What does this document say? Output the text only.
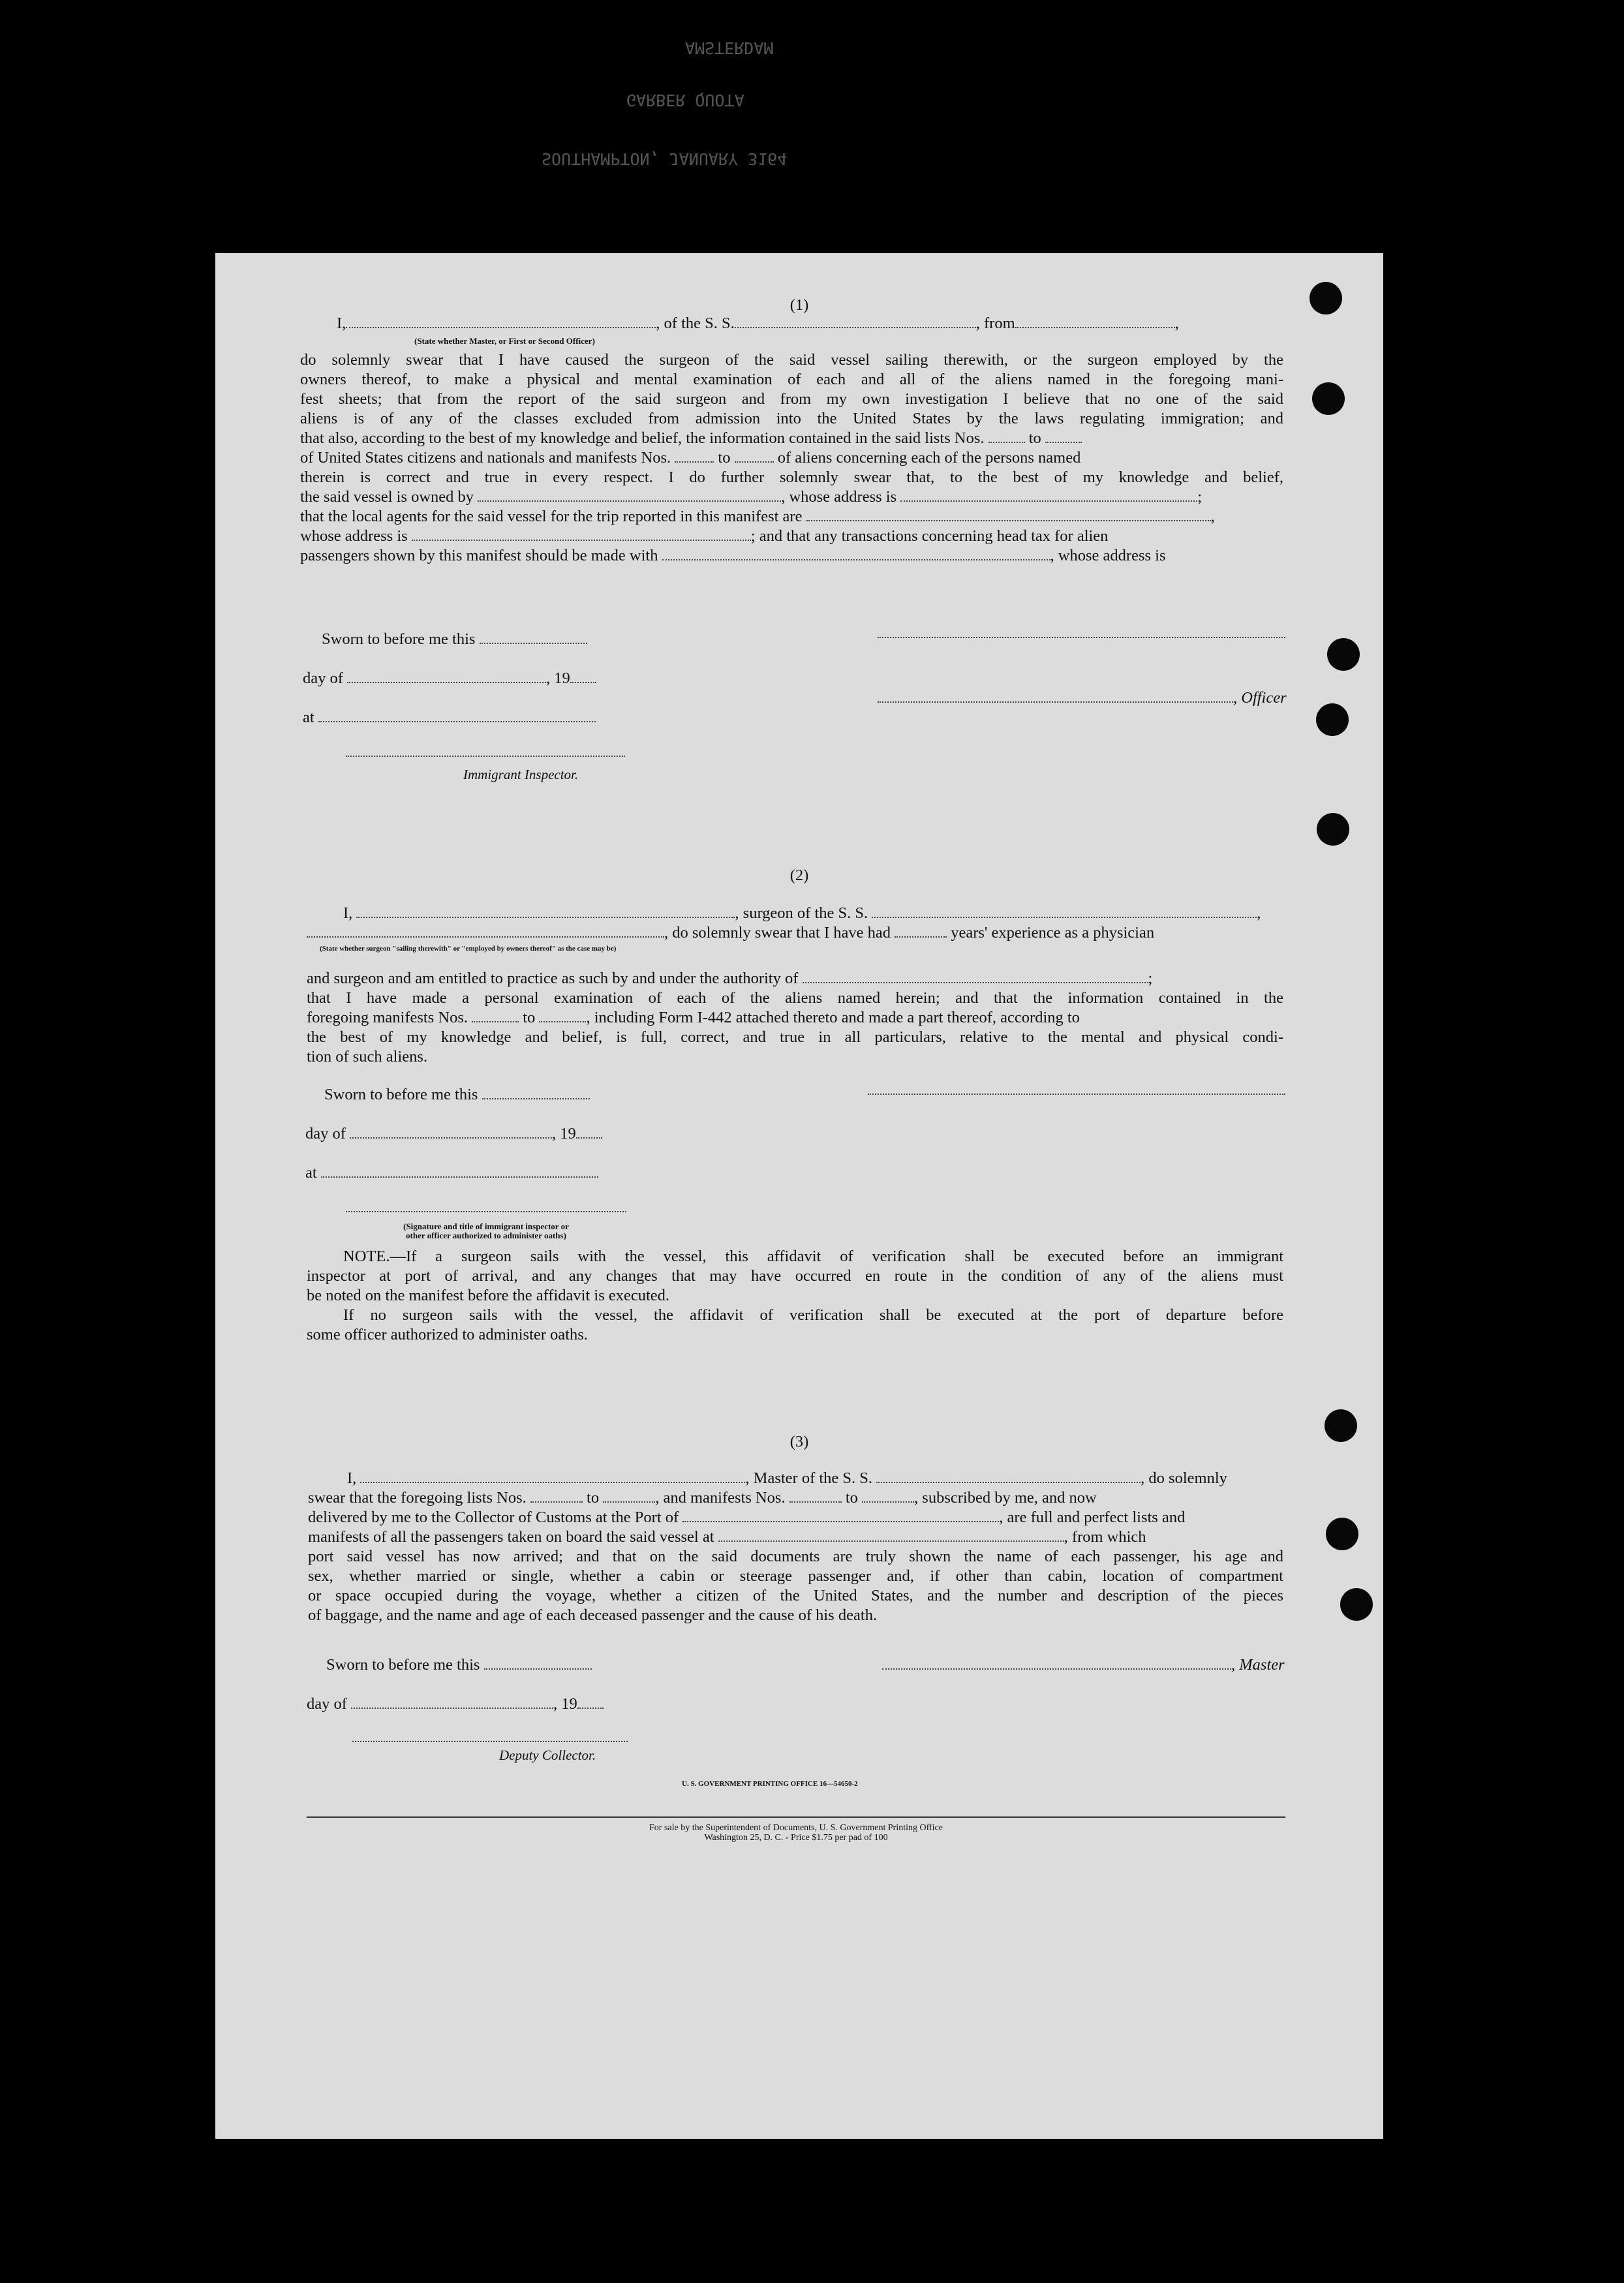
SOUTHAMPTON, JANUARY 3164
GARBER QUOTA
AMSTERDAM
(1)
I,	, of the S. S.	, from	,
(State whether Master, or First or Second Officer)
do solemnly swear that I have caused the surgeon of the said vessel sailing therewith, or the surgeon employed by the
owners thereof, to make a physical and mental examination of each and all of the aliens named in the foregoing mani-
fest sheets; that from the report of the said surgeon and from my own investigation I believe that no one of the said
aliens is of any of the classes excluded from admission into the United States by the laws regulating immigration; and
that also, according to the best of my knowledge and belief, the information contained in the said lists Nos.	to
of United States citizens and nationals and manifests Nos.	to	of aliens concerning each of the persons named
therein is correct and true in every respect. I do further solemnly swear that, to the best of my knowledge and belief,
the said vessel is owned by	, whose address is	;
that the local agents for the said vessel for the trip reported in this manifest are	,
whose address is	; and that any transactions concerning head tax for alien
passengers shown by this manifest should be made with	, whose address is
Sworn to before me this
day of	, 19
, Officer
at
Immigrant Inspector.
(2)
I,	, surgeon of the S. S.	,
, do solemnly swear that I have had	years' experience as a physician
(State whether surgeon "sailing therewith" or "employed by owners thereof" as the case may be)
and surgeon and am entitled to practice as such by and under the authority of	;
that I have made a personal examination of each of the aliens named herein; and that the information contained in the
foregoing manifests Nos.	to	, including Form I-442 attached thereto and made a part thereof, according to
the best of my knowledge and belief, is full, correct, and true in all particulars, relative to the mental and physical condi-
tion of such aliens.
Sworn to before me this
day of	, 19
at
(Signature and title of immigrant inspector or
other officer authorized to administer oaths)
NOTE.—If a surgeon sails with the vessel, this affidavit of verification shall be executed before an immigrant
inspector at port of arrival, and any changes that may have occurred en route in the condition of any of the aliens must
be noted on the manifest before the affidavit is executed.
If no surgeon sails with the vessel, the affidavit of verification shall be executed at the port of departure before
some officer authorized to administer oaths.
(3)
I,	, Master of the S. S.	, do solemnly
swear that the foregoing lists Nos.	to	, and manifests Nos.	to	, subscribed by me, and now
delivered by me to the Collector of Customs at the Port of	, are full and perfect lists and
manifests of all the passengers taken on board the said vessel at	, from which
port said vessel has now arrived; and that on the said documents are truly shown the name of each passenger, his age and
sex, whether married or single, whether a cabin or steerage passenger and, if other than cabin, location of compartment
or space occupied during the voyage, whether a citizen of the United States, and the number and description of the pieces
of baggage, and the name and age of each deceased passenger and the cause of his death.
Sworn to before me this	, Master
day of	, 19
Deputy Collector.
U. S. GOVERNMENT PRINTING OFFICE 16—54650-2
For sale by the Superintendent of Documents, U. S. Government Printing Office
Washington 25, D. C. - Price $1.75 per pad of 100
